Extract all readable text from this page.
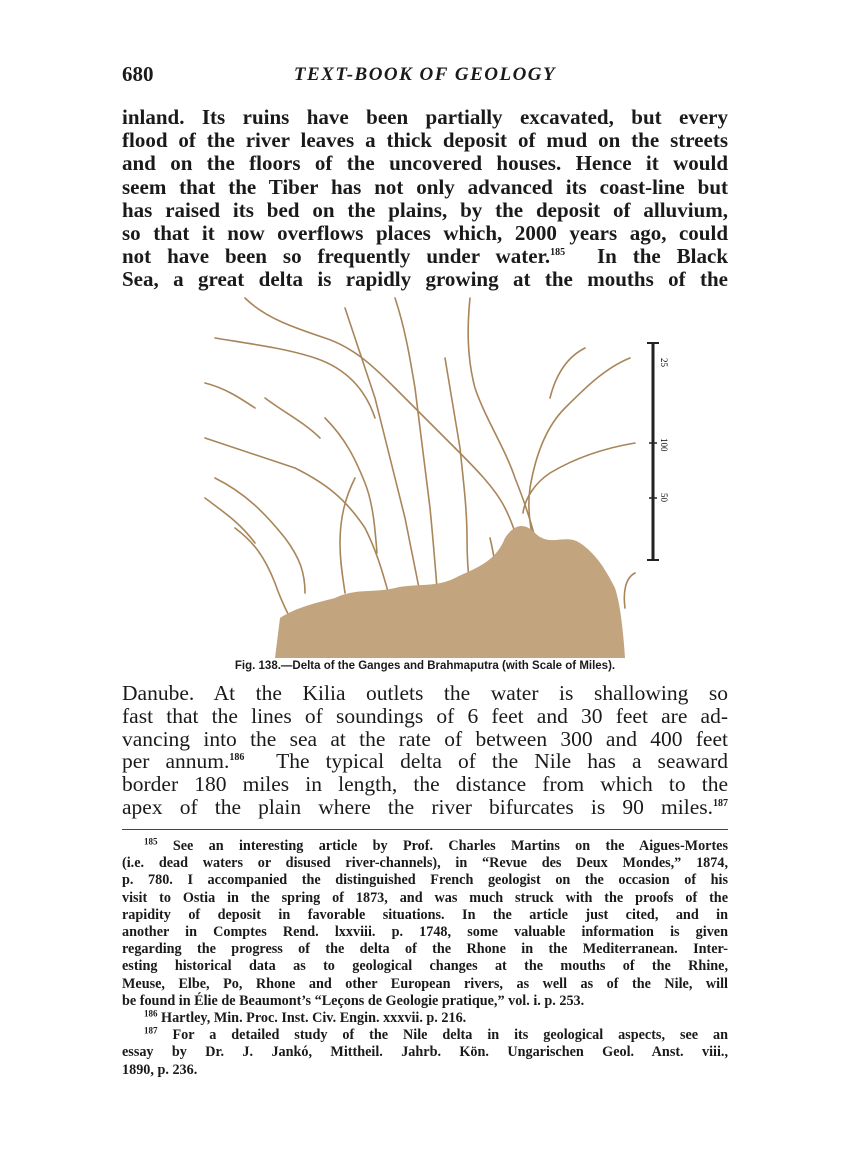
680	TEXT-BOOK OF GEOLOGY
inland. Its ruins have been partially excavated, but every
flood of the river leaves a thick deposit of mud on the streets
and on the floors of the uncovered houses. Hence it would
seem that the Tiber has not only advanced its coast-line but
has raised its bed on the plains, by the deposit of alluvium,
so that it now overflows places which, 2000 years ago, could
not have been so frequently under water.$^{185}$ In the Black
Sea, a great delta is rapidly growing at the mouths of the
25
100
50
Fig. 138.—Delta of the Ganges and Brahmaputra (with Scale of Miles).
Danube. At the Kilia outlets the water is shallowing so
fast that the lines of soundings of 6 feet and 30 feet are ad-
vancing into the sea at the rate of between 300 and 400 feet
per annum.$^{186}$ The typical delta of the Nile has a seaward
border 180 miles in length, the distance from which to the
apex of the plain where the river bifurcates is 90 miles.$^{187}$
$^{185}$ See an interesting article by Prof. Charles Martins on the Aigues-Mortes
(i.e. dead waters or disused river-channels), in “Revue des Deux Mondes,” 1874,
p. 780. I accompanied the distinguished French geologist on the occasion of his
visit to Ostia in the spring of 1873, and was much struck with the proofs of the
rapidity of deposit in favorable situations. In the article just cited, and in
another in Comptes Rend. lxxviii. p. 1748, some valuable information is given
regarding the progress of the delta of the Rhone in the Mediterranean. Inter-
esting historical data as to geological changes at the mouths of the Rhine,
Meuse, Elbe, Po, Rhone and other European rivers, as well as of the Nile, will
be found in Élie de Beaumont’s “Leçons de Geologie pratique,” vol. i. p. 253.
$^{186}$ Hartley, Min. Proc. Inst. Civ. Engin. xxxvii. p. 216.
$^{187}$ For a detailed study of the Nile delta in its geological aspects, see an
essay by Dr. J. Jankó, Mittheil. Jahrb. Kön. Ungarischen Geol. Anst. viii.,
1890, p. 236.
